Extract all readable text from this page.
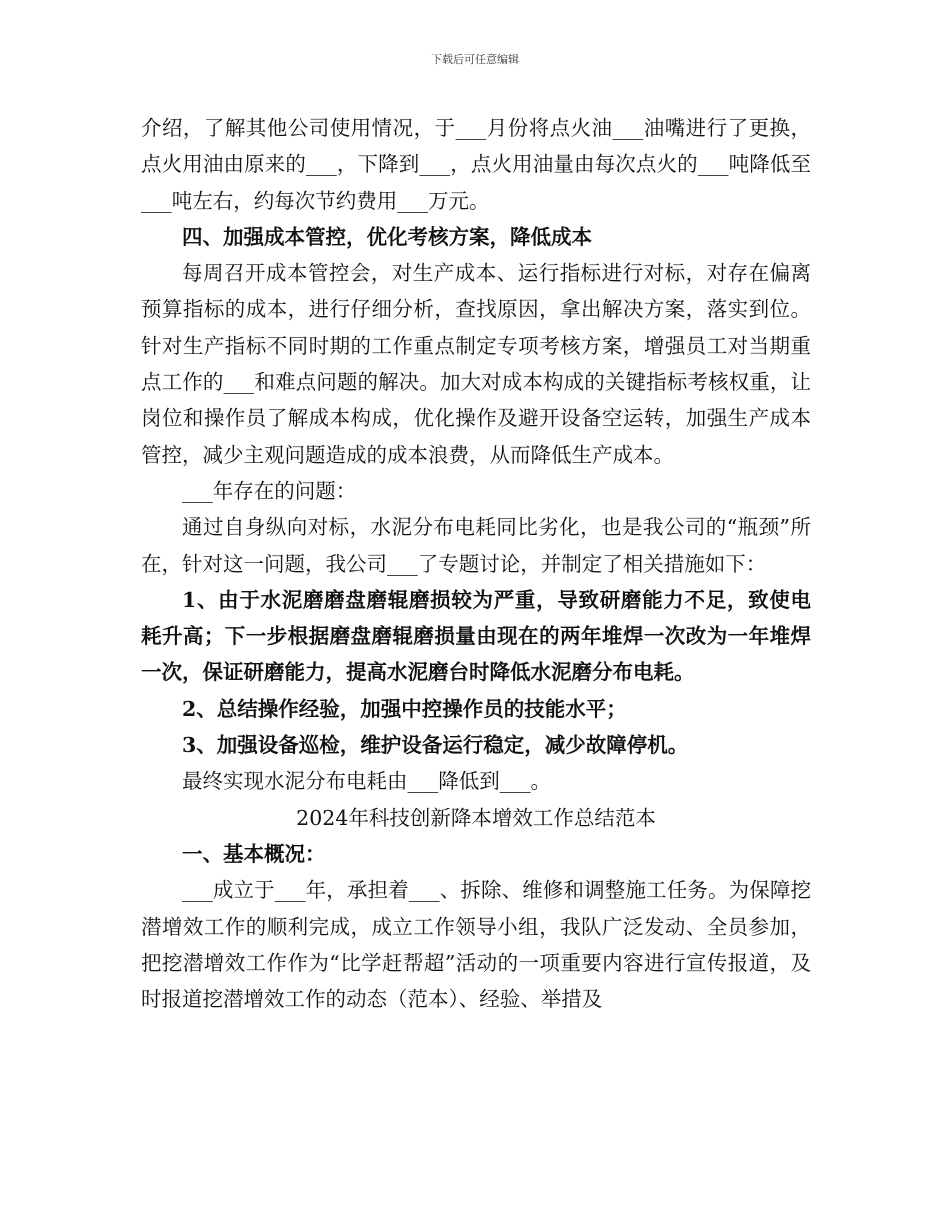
下载后可任意编辑

介绍，了解其他公司使用情况，于___月份将点火油___油嘴进行了更换，点火用油由原来的___，下降到___，点火用油量由每次点火的___吨降低至___吨左右，约每次节约费用___万元。

四、加强成本管控，优化考核方案，降低成本

每周召开成本管控会，对生产成本、运行指标进行对标，对存在偏离预算指标的成本，进行仔细分析，查找原因，拿出解决方案，落实到位。针对生产指标不同时期的工作重点制定专项考核方案，增强员工对当期重点工作的___和难点问题的解决。加大对成本构成的关键指标考核权重，让岗位和操作员了解成本构成，优化操作及避开设备空运转，加强生产成本管控，减少主观问题造成的成本浪费，从而降低生产成本。

___年存在的问题：

通过自身纵向对标，水泥分布电耗同比劣化，也是我公司的“瓶颈”所在，针对这一问题，我公司___了专题讨论，并制定了相关措施如下：

1、由于水泥磨磨盘磨辊磨损较为严重，导致研磨能力不足，致使电耗升高；下一步根据磨盘磨辊磨损量由现在的两年堆焊一次改为一年堆焊一次，保证研磨能力，提高水泥磨台时降低水泥磨分布电耗。

2、总结操作经验，加强中控操作员的技能水平；

3、加强设备巡检，维护设备运行稳定，减少故障停机。

最终实现水泥分布电耗由___降低到___。

2024年科技创新降本增效工作总结范本

一、基本概况：

___成立于___年，承担着___、拆除、维修和调整施工任务。为保障挖潜增效工作的顺利完成，成立工作领导小组，我队广泛发动、全员参加，把挖潜增效工作作为“比学赶帮超”活动的一项重要内容进行宣传报道，及时报道挖潜增效工作的动态（范本）、经验、举措及
